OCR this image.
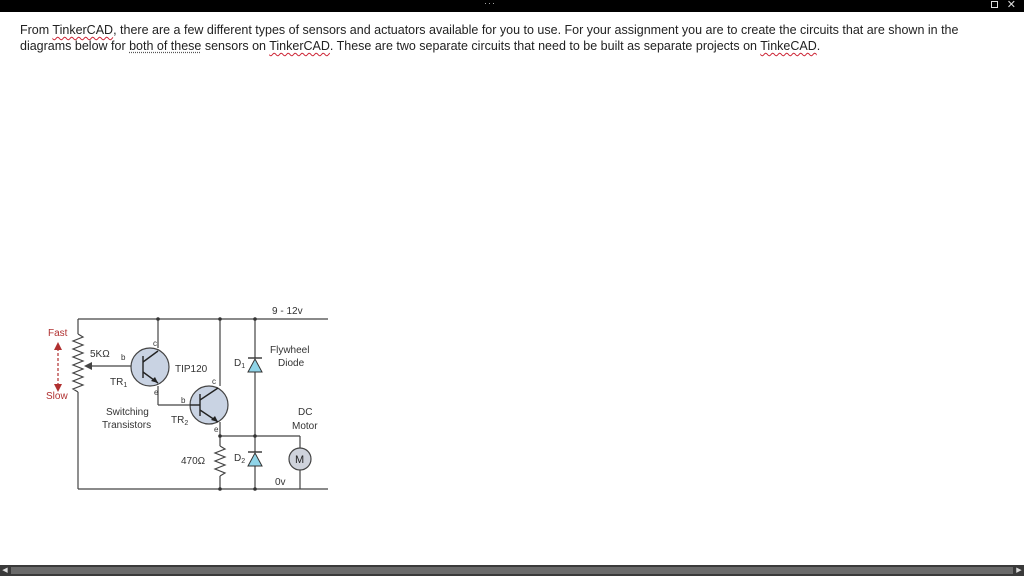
···	✕
From TinkerCAD, there are a few different types of sensors and actuators available for you to use. For your assignment you are to create the circuits that are shown in the diagrams below for both of these sensors on TinkerCAD. These are two separate circuits that need to be built as separate projects on TinkeCAD.
9 - 12v
Fast
Slow
5KΩ b
c
e
$TR_1$
TIP120
c
b
e
$TR_2$
Switching
Transistors
$D_1$
$D_2$
Flywheel
Diode
DC
Motor
M
470Ω
0v
◀	▶
